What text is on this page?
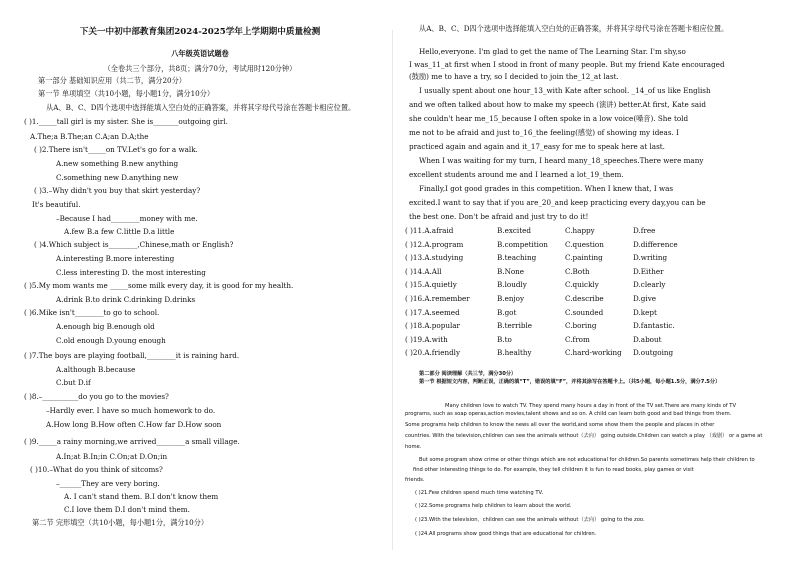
下关一中初中部教育集团2024-2025学年上学期期中质量检测
八年级英语试题卷
（全卷共三个部分，共8页；满分70分，考试用时120分钟）
第一部分 基础知识应用（共二节，满分20分）
第一节 单项填空（共10小题，每小题1分，满分10分）
从A、B、C、D四个选项中选择能填入空白处的正确答案，并将其字母代号涂在答题卡相应位置。
( )1._____tall girl is my sister. She is_______outgoing girl.
A.The;a B.The;an C.A;an D.A;the
( )2.There isn't_____on TV.Let's go for a walk.
A.new something B.new anything
C.something new D.anything new
( )3.–Why didn't you buy that skirt yesterday?
It's beautiful.
–Because I had________money with me.
A.few B.a few C.little D.a little
( )4.Which subject is________,Chinese,math or English?
A.interesting B.more interesting
C.less interesting D. the most interesting
( )5.My mom wants me _____some milk every day, it is good for my health.
A.drink B.to drink C.drinking D.drinks
( )6.Mike isn't________to go to school.
A.enough big B.enough old
C.old enough D.young enough
( )7.The boys are playing football,________it is raining hard.
A.although B.because
C.but D.if
( )8.–__________do you go to the movies?
–Hardly ever. I have so much homework to do.
A.How long B.How often C.How far D.How soon
( )9._____a rainy morning,we arrived________a small village.
A.In;at B.In;in C.On;at D.On;in
( )10.–What do you think of sitcoms?
–______They are very boring.
A. I can't stand them. B.I don't know them
C.I love them D.I don't mind them.
第二节 完形填空（共10小题，每小题1分，满分10分）
从A、B、C、D四个选项中选择能填入空白处的正确答案，并将其字母代号涂在答题卡相应位置。
Hello,everyone. I'm glad to get the name of The Learning Star. I'm shy,so
I was_11_at first when I stood in front of many people. But my friend Kate encouraged
(鼓励) me to have a try, so I decided to join the_12_at last.
I usually spent about one hour_13_with Kate after school. _14_of us like English
and we often talked about how to make my speech (演讲) better.At first, Kate said
she couldn't hear me_15_because I often spoke in a low voice(嗓音). She told
me not to be afraid and just to_16_the feeling(感觉) of showing my ideas. I
practiced again and again and it_17_easy for me to speak here at last.
When I was waiting for my turn, I heard many_18_speeches.There were many
excellent students around me and I learned a lot_19_them.
Finally,I got good grades in this competition. When I knew that, I was
excited.I want to say that if you are_20_and keep practicing every day,you can be
the best one. Don't be afraid and just try to do it!
( )11.A.afraid	B.excited	C.happy	D.free
( )12.A.program	B.competition C.question	D.difference
( )13.A.studying	B.teaching	C.painting	D.writing
( )14.A.All	B.None	C.Both	D.Either
( )15.A.quietly	B.loudly	C.quickly	D.clearly
( )16.A.remember	B.enjoy	C.describe	D.give
( )17.A.seemed	B.got	C.sounded	D.kept
( )18.A.popular	B.terrible	C.boring	D.fantastic.
( )19.A.with	B.to	C.from	D.about
( )20.A.friendly	B.healthy	C.hard-working D.outgoing
第二部分 阅读理解（共三节，满分30分）
第一节 根据短文内容，判断正误，正确的填“T”，错误的填“F”，并将其涂写在答题卡上。（共5小题，每小题1.5分，满分7.5分）
Many children love to watch TV. They spend many hours a day in front of the TV set.There are many kinds of TV
programs, such as soap operas,action movies,talent shows and so on. A child can learn both good and bad things from them.
Some programs help children to know the news all over the world,and some show them the people and places in other
countries. With the television,children can see the animals without（去向） going outside.Children can watch a play （戏剧） or a game at
home.
But some program show crime or other things which are not educational for children.So parents sometimes help their children to
find other interesting things to do. For example, they tell children it is fun to read books, play games or visit
friends.
( )21.Few children spend much time watching TV.
( )22.Some programs help children to learn about the world.
( )23.With the television，children can see the animals without（去向） going to the zoo.
( )24.All programs show good things that are educational for children.
